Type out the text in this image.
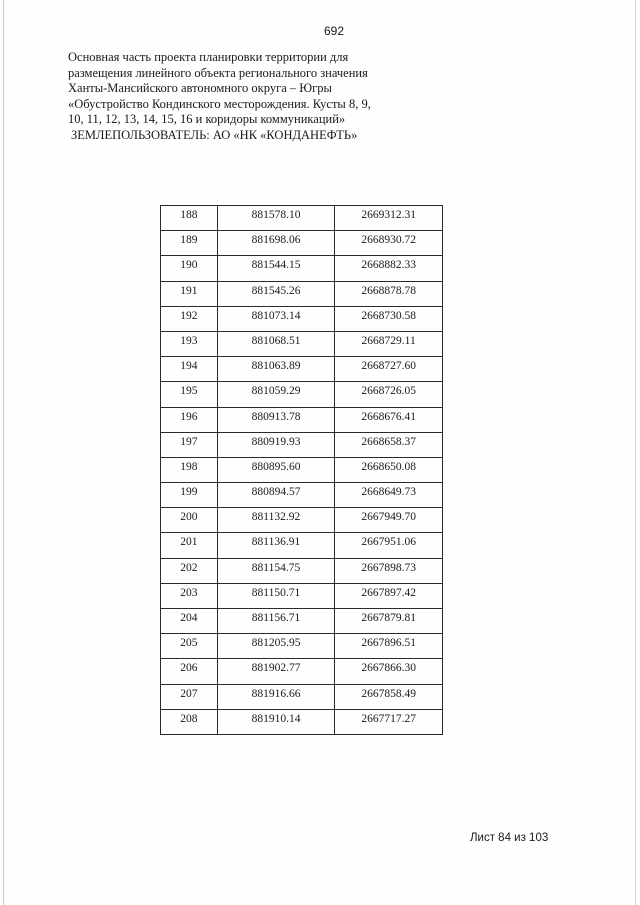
692
Основная часть проекта планировки территории для
размещения линейного объекта регионального значения
Ханты-Мансийского автономного округа – Югры
«Обустройство Кондинского месторождения. Кусты 8, 9,
10, 11, 12, 13, 14, 15, 16 и коридоры коммуникаций»
ЗЕМЛЕПОЛЬЗОВАТЕЛЬ: АО «НК «КОНДАНЕФТЬ»
188	881578.10	2669312.31
189	881698.06	2668930.72
190	881544.15	2668882.33
191	881545.26	2668878.78
192	881073.14	2668730.58
193	881068.51	2668729.11
194	881063.89	2668727.60
195	881059.29	2668726.05
196	880913.78	2668676.41
197	880919.93	2668658.37
198	880895.60	2668650.08
199	880894.57	2668649.73
200	881132.92	2667949.70
201	881136.91	2667951.06
202	881154.75	2667898.73
203	881150.71	2667897.42
204	881156.71	2667879.81
205	881205.95	2667896.51
206	881902.77	2667866.30
207	881916.66	2667858.49
208	881910.14	2667717.27
Лист 84 из 103
